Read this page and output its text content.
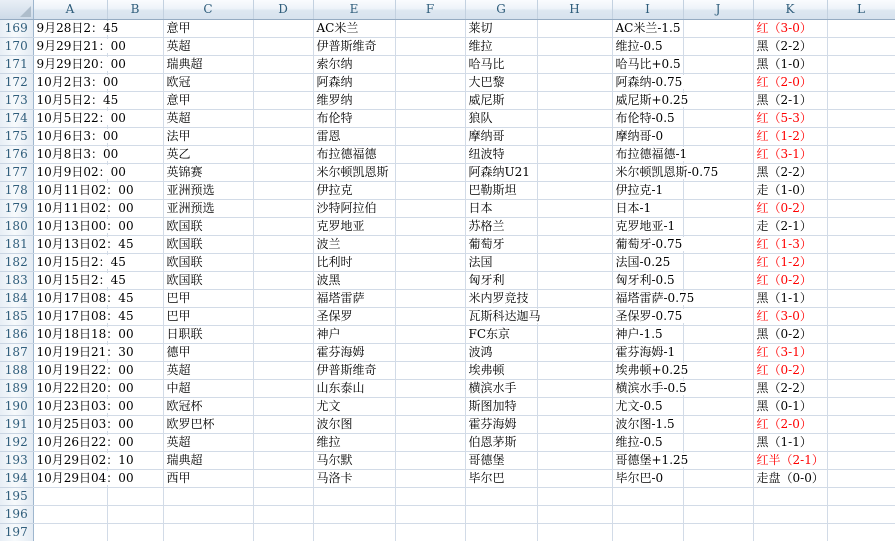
	A	B	C	D	E	F	G	H	I	J	K	L
169	9月28日2：45		意甲		AC米兰		莱切		AC米兰-1.5		红（3-0）	

170	9月29日21：00		英超		伊普斯维奇		维拉		维拉-0.5		黑（2-2）	

171	9月29日20：00		瑞典超		索尔纳		哈马比		哈马比+0.5		黑（1-0）	

172	10月2日3：00		欧冠		阿森纳		大巴黎		阿森纳-0.75		红（2-0）	

173	10月5日2：45		意甲		维罗纳		威尼斯		威尼斯+0.25		黑（2-1）	

174	10月5日22：00		英超		布伦特		狼队		布伦特-0.5		红（5-3）	

175	10月6日3：00		法甲		雷恩		摩纳哥		摩纳哥-0		红（1-2）	

176	10月8日3：00		英乙		布拉德福德		纽波特		布拉德福德-1		红（3-1）	

177	10月9日02：00		英锦赛		米尔顿凯恩斯		阿森纳U21		米尔顿凯恩斯-0.75		黑（2-2）	

178	10月11日02：00		亚洲预选		伊拉克		巴勒斯坦		伊拉克-1		走（1-0）	

179	10月11日02：00		亚洲预选		沙特阿拉伯		日本		日本-1		红（0-2）	

180	10月13日00：00		欧国联		克罗地亚		苏格兰		克罗地亚-1		走（2-1）	

181	10月13日02：45		欧国联		波兰		葡萄牙		葡萄牙-0.75		红（1-3）	

182	10月15日2：45		欧国联		比利时		法国		法国-0.25		红（1-2）	

183	10月15日2：45		欧国联		波黑		匈牙利		匈牙利-0.5		红（0-2）	

184	10月17日08：45		巴甲		福塔雷萨		米内罗竞技		福塔雷萨-0.75		黑（1-1）	

185	10月17日08：45		巴甲		圣保罗		瓦斯科达迦马		圣保罗-0.75		红（3-0）	

186	10月18日18：00		日职联		神户		FC东京		神户-1.5		黑（0-2）	

187	10月19日21：30		德甲		霍芬海姆		波鸿		霍芬海姆-1		红（3-1）	

188	10月19日22：00		英超		伊普斯维奇		埃弗顿		埃弗顿+0.25		红（0-2）	

189	10月22日20：00		中超		山东泰山		横滨水手		横滨水手-0.5		黑（2-2）	

190	10月23日03：00		欧冠杯		尤文		斯图加特		尤文-0.5		黑（0-1）	

191	10月25日03：00		欧罗巴杯		波尔图		霍芬海姆		波尔图-1.5		红（2-0）	

192	10月26日22：00		英超		维拉		伯恩茅斯		维拉-0.5		黑（1-1）	

193	10月29日02：10		瑞典超		马尔默		哥德堡		哥德堡+1.25		红半（2-1）	

194	10月29日04：00		西甲		马洛卡		毕尔巴		毕尔巴-0		走盘（0-0）	

195												
196												
197												
